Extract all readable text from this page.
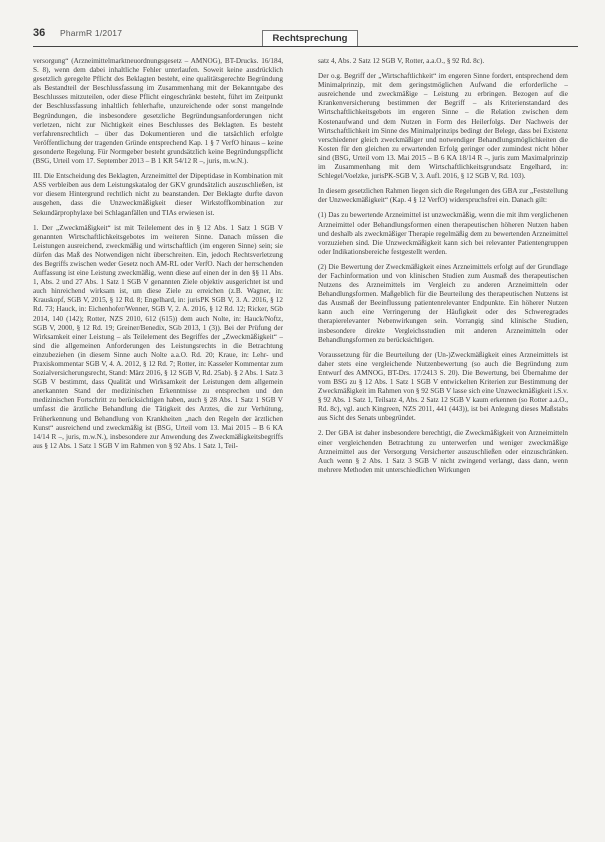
36 PharmR 1/2017	Rechtsprechung

versorgung“ (Arzneimittelmarktneuordnungsgesetz – AMNOG), BT-Drucks. 16/184, S. 8), wenn dem dabei inhaltliche Fehler unterlaufen. Soweit keine ausdrücklich gesetzlich geregelte Pflicht des Beklagten besteht, eine qualitätsgerechte Begründung als Bestandteil der Beschlussfassung im Zusammenhang mit der Bekanntgabe des Beschlusses mitzuteilen, oder diese Pflicht eingeschränkt besteht, führt im Zeitpunkt der Beschlussfassung inhaltlich fehlerhafte, unzureichende oder sonst mangelnde Begründungen, die insbesondere gesetzliche Begründungsanforderungen nicht verletzen, nicht zur Nichtigkeit eines Beschlusses des Beklagten. Es besteht verfahrensrechtlich – über das Dokumentieren und die tatsächlich erfolgte Veröffentlichung der tragenden Gründe entsprechend Kap. 1 § 7 VerfO hinaus – keine gesonderte Regelung. Für Normgeber besteht grundsätzlich keine Begründungspflicht (BSG, Urteil vom 17. September 2013 – B 1 KR 54/12 R –, juris, m.w.N.).

III. Die Entscheidung des Beklagten, Arzneimittel der Dipeptidase in Kombination mit ASS verbleiben aus dem Leistungskatalog der GKV grundsätzlich auszuschließen, ist vor diesem Hintergrund rechtlich nicht zu beanstanden. Der Beklagte durfte davon ausgehen, dass die Unzweckmäßigkeit dieser Wirkstoffkombination zur Sekundärprophylaxe bei Schlaganfällen und TIAs erwiesen ist.

1. Der „Zweckmäßigkeit“ ist mit Teilelement des in § 12 Abs. 1 Satz 1 SGB V genannten Wirtschaftlichkeitsgebotes im weiteren Sinne. Danach müssen die Leistungen ausreichend, zweckmäßig und wirtschaftlich (im engeren Sinne) sein; sie dürfen das Maß des Notwendigen nicht überschreiten. Ein, jedoch Rechtsverletzung des Begriffs zwischen weder Gesetz noch AM-RL oder VerfO. Nach der herrschenden Auffassung ist eine Leistung zweckmäßig, wenn diese auf einen der in den §§ 11 Abs. 1, Abs. 2 und 27 Abs. 1 Satz 1 SGB V genannten Ziele objektiv ausgerichtet ist und auch hinreichend wirksam ist, um diese Ziele zu erreichen (z.B. Wagner, in: Krauskopf, SGB V, 2015, § 12 Rd. 8; Engelhard, in: jurisPK SGB V, 3. A. 2016, § 12 Rd. 73; Hauck, in: Eichenhofer/Wenner, SGB V, 2. A. 2016, § 12 Rd. 12; Ricker, SGb 2014, 140 (142); Rotter, NZS 2010, 612 (615)) dem auch Nolte, in: Hauck/Noftz, SGB V, 2000, § 12 Rd. 19; Greiner/Benedix, SGb 2013, 1 (3)). Bei der Prüfung der Wirksamkeit einer Leistung – als Teilelement des Begriffes der „Zweckmäßigkeit“ – sind die allgemeinen Anforderungen des Leistungsrechts in die Betrachtung einzubeziehen (in diesem Sinne auch Nolte a.a.O. Rd. 20; Kraue, in: Lehr- und Praxiskommentar SGB V, 4. A. 2012, § 12 Rd. 7; Rotter, in: Kasseler Kommentar zum Sozialversicherungsrecht, Stand: März 2016, § 12 SGB V, Rd. 25ab). § 2 Abs. 1 Satz 3 SGB V bestimmt, dass Qualität und Wirksamkeit der Leistungen dem allgemein anerkannten Stand der medizinischen Erkenntnisse zu entsprechen und den medizinischen Fortschritt zu berücksichtigen haben, auch § 28 Abs. 1 Satz 1 SGB V umfasst die ärztliche Behandlung die Tätigkeit des Arztes, die zur Verhütung, Früherkennung und Behandlung von Krankheiten „nach den Regeln der ärztlichen Kunst“ ausreichend und zweckmäßig ist (BSG, Urteil vom 13. Mai 2015 – B 6 KA 14/14 R –, juris, m.w.N.), insbesondere zur Anwendung des Zweckmäßigkeitsbegriffs aus § 12 Abs. 1 Satz 1 SGB V im Rahmen von § 92 Abs. 1 Satz 1, Teil-

satz 4, Abs. 2 Satz 12 SGB V, Rotter, a.a.O., § 92 Rd. 8c).

Der o.g. Begriff der „Wirtschaftlichkeit“ im engeren Sinne fordert, entsprechend dem Minimalprinzip, mit dem geringstmöglichen Aufwand die erforderliche – ausreichende und zweckmäßige – Leistung zu erbringen. Bezogen auf die Krankenversicherung bestimmen der Begriff – als Kriterienstandard des Wirtschaftlichkeitsgebots im engeren Sinne – die Relation zwischen dem Kostenaufwand und dem Nutzen in Form des Heilerfolgs. Der Nachweis der Wirtschaftlichkeit im Sinne des Minimalprinzips bedingt der Belege, dass bei Existenz verschiedener gleich zweckmäßiger und notwendiger Behandlungsmöglichkeiten die Kosten für den gleichen zu erwartenden Erfolg geringer oder zumindest nicht höher sind (BSG, Urteil vom 13. Mai 2015 – B 6 KA 18/14 R –, juris zum Maximalprinzip im Zusammenhang mit dem Wirtschaftlichkeitsgrundsatz Engelhard, in: Schlegel/Voelzke, jurisPK-SGB V, 3. Aufl. 2016, § 12 SGB V, Rd. 103).

In diesem gesetzlichen Rahmen liegen sich die Regelungen des GBA zur „Feststellung der Unzweckmäßigkeit“ (Kap. 4 § 12 VerfO) widerspruchsfrei ein. Danach gilt:

(1) Das zu bewertende Arzneimittel ist unzweckmäßig, wenn die mit ihm verglichenen Arzneimittel oder Behandlungsformen einen therapeutischen höheren Nutzen haben und deshalb als zweckmäßiger Therapie regelmäßig dem zu bewertenden Arzneimittel vorzuziehen sind. Die Unzweckmäßigkeit kann sich bei relevanter Patientengruppen oder Indikationsbereiche festgestellt werden.

(2) Die Bewertung der Zweckmäßigkeit eines Arzneimittels erfolgt auf der Grundlage der Fachinformation und von klinischen Studien zum Ausmaß des therapeutischen Nutzens des Arzneimittels im Vergleich zu anderen Arzneimitteln oder Behandlungsformen. Maßgeblich für die Beurteilung des therapeutischen Nutzens ist das Ausmaß der Beeinflussung patientenrelevanter Endpunkte. Ein höherer Nutzen kann auch eine Verringerung der Häufigkeit oder des Schweregrades therapierelevanter Nebenwirkungen sein. Vorrangig sind klinische Studien, insbesondere direkte Vergleichsstudien mit anderen Arzneimitteln oder Behandlungsformen zu berücksichtigen.

Voraussetzung für die Beurteilung der (Un-)Zweckmäßigkeit eines Arzneimittels ist daher stets eine vergleichende Nutzenbewertung (so auch die Begründung zum Entwurf des AMNOG, BT-Drs. 17/2413 S. 20). Die Bewertung, bei Übernahme der vom BSG zu § 12 Abs. 1 Satz 1 SGB V entwickelten Kriterien zur Bestimmung der Zweckmäßigkeit im Rahmen von § 92 SGB V lasse sich eine Unzweckmäßigkeit i.S.v. § 92 Abs. 1 Satz 1, Teilsatz 4, Abs. 2 Satz 12 SGB V kaum erkennen (so Rotter a.a.O., Rd. 8c), vgl. auch Kingreen, NZS 2011, 441 (443)), ist bei Anlegung dieses Maßstabs aus Sicht des Senats unbegründet.

2. Der GBA ist daher insbesondere berechtigt, die Zweckmäßigkeit von Arzneimitteln einer vergleichenden Betrachtung zu unterwerfen und weniger zweckmäßige Arzneimittel aus der Versorgung Versicherter auszuschließen oder einzuschränken. Auch wenn § 2 Abs. 1 Satz 3 SGB V nicht zwingend verlangt, dass dann, wenn mehrere Methoden mit unterschiedlichen Wirkungen
